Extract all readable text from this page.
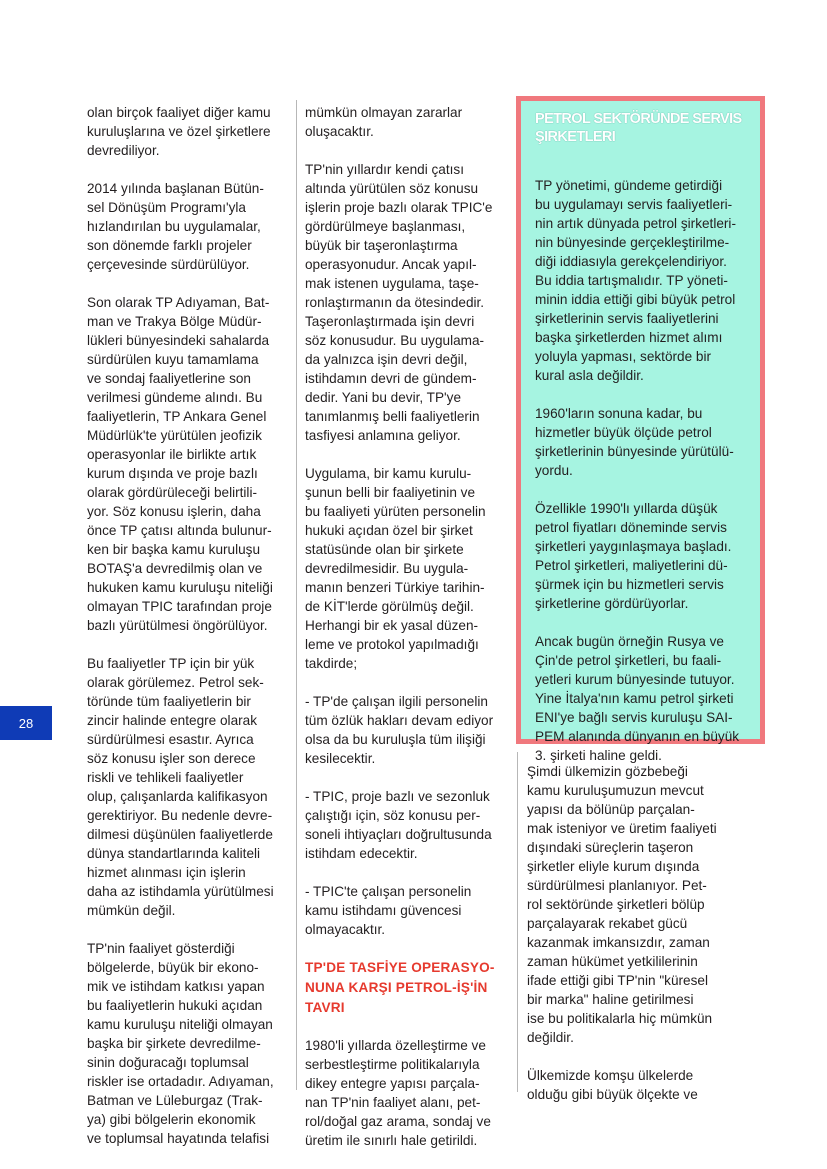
olan birçok faaliyet diğer kamu
kuruluşlarına ve özel şirketlere
devrediliyor.

2014 yılında başlanan Bütün-
sel Dönüşüm Programı'yla
hızlandırılan bu uygulamalar,
son dönemde farklı projeler
çerçevesinde sürdürülüyor.

Son olarak TP Adıyaman, Bat-
man ve Trakya Bölge Müdür-
lükleri bünyesindeki sahalarda
sürdürülen kuyu tamamlama
ve sondaj faaliyetlerine son
verilmesi gündeme alındı. Bu
faaliyetlerin, TP Ankara Genel
Müdürlük'te yürütülen jeofizik
operasyonlar ile birlikte artık
kurum dışında ve proje bazlı
olarak gördürüleceği belirtili-
yor. Söz konusu işlerin, daha
önce TP çatısı altında bulunur-
ken bir başka kamu kuruluşu
BOTAŞ'a devredilmiş olan ve
hukuken kamu kuruluşu niteliği
olmayan TPIC tarafından proje
bazlı yürütülmesi öngörülüyor.

Bu faaliyetler TP için bir yük
olarak görülemez. Petrol sek-
töründe tüm faaliyetlerin bir
zincir halinde entegre olarak
sürdürülmesi esastır. Ayrıca
söz konusu işler son derece
riskli ve tehlikeli faaliyetler
olup, çalışanlarda kalifikasyon
gerektiriyor. Bu nedenle devre-
dilmesi düşünülen faaliyetlerde
dünya standartlarında kaliteli
hizmet alınması için işlerin
daha az istihdamla yürütülmesi
mümkün değil.

TP'nin faaliyet gösterdiği
bölgelerde, büyük bir ekono-
mik ve istihdam katkısı yapan
bu faaliyetlerin hukuki açıdan
kamu kuruluşu niteliği olmayan
başka bir şirkete devredilme-
sinin doğuracağı toplumsal
riskler ise ortadadır. Adıyaman,
Batman ve Lüleburgaz (Trak-
ya) gibi bölgelerin ekonomik
ve toplumsal hayatında telafisi

mümkün olmayan zararlar
oluşacaktır.

TP'nin yıllardır kendi çatısı
altında yürütülen söz konusu
işlerin proje bazlı olarak TPIC'e
gördürülmeye başlanması,
büyük bir taşeronlaştırma
operasyonudur. Ancak yapıl-
mak istenen uygulama, taşe-
ronlaştırmanın da ötesindedir.
Taşeronlaştırmada işin devri
söz konusudur. Bu uygulama-
da yalnızca işin devri değil,
istihdamın devri de gündem-
dedir. Yani bu devir, TP'ye
tanımlanmış belli faaliyetlerin
tasfiyesi anlamına geliyor.

Uygulama, bir kamu kurulu-
şunun belli bir faaliyetinin ve
bu faaliyeti yürüten personelin
hukuki açıdan özel bir şirket
statüsünde olan bir şirkete
devredilmesidir. Bu uygula-
manın benzeri Türkiye tarihin-
de KİT'lerde görülmüş değil.
Herhangi bir ek yasal düzen-
leme ve protokol yapılmadığı
takdirde;

- TP'de çalışan ilgili personelin
tüm özlük hakları devam ediyor
olsa da bu kuruluşla tüm ilişiği
kesilecektir.

- TPIC, proje bazlı ve sezonluk
çalıştığı için, söz konusu per-
soneli ihtiyaçları doğrultusunda
istihdam edecektir.

- TPIC'te çalışan personelin
kamu istihdamı güvencesi
olmayacaktır.

TP'DE TASFİYE OPERASYO-
NUNA KARŞI PETROL-İŞ'İN
TAVRI

1980'li yıllarda özelleştirme ve
serbestleştirme politikalarıyla
dikey entegre yapısı parçala-
nan TP'nin faaliyet alanı, pet-
rol/doğal gaz arama, sondaj ve
üretim ile sınırlı hale getirildi.

PETROL SEKTÖRÜNDE SERVIS
ŞIRKETLERI

TP yönetimi, gündeme getirdiği
bu uygulamayı servis faaliyetleri-
nin artık dünyada petrol şirketleri-
nin bünyesinde gerçekleştirilme-
diği iddiasıyla gerekçelendiriyor.
Bu iddia tartışmalıdır. TP yöneti-
minin iddia ettiği gibi büyük petrol
şirketlerinin servis faaliyetlerini
başka şirketlerden hizmet alımı
yoluyla yapması, sektörde bir
kural asla değildir.

1960'ların sonuna kadar, bu
hizmetler büyük ölçüde petrol
şirketlerinin bünyesinde yürütülü-
yordu.

Özellikle 1990'lı yıllarda düşük
petrol fiyatları döneminde servis
şirketleri yaygınlaşmaya başladı.
Petrol şirketleri, maliyetlerini dü-
şürmek için bu hizmetleri servis
şirketlerine gördürüyorlar.

Ancak bugün örneğin Rusya ve
Çin'de petrol şirketleri, bu faali-
yetleri kurum bünyesinde tutuyor.
Yine İtalya'nın kamu petrol şirketi
ENI'ye bağlı servis kuruluşu SAI-
PEM alanında dünyanın en büyük
3. şirketi haline geldi.

Şimdi ülkemizin gözbebeği
kamu kuruluşumuzun mevcut
yapısı da bölünüp parçalan-
mak isteniyor ve üretim faaliyeti
dışındaki süreçlerin taşeron
şirketler eliyle kurum dışında
sürdürülmesi planlanıyor. Pet-
rol sektöründe şirketleri bölüp
parçalayarak rekabet gücü
kazanmak imkansızdır, zaman
zaman hükümet yetkililerinin
ifade ettiği gibi TP'nin "küresel
bir marka" haline getirilmesi
ise bu politikalarla hiç mümkün
değildir.

Ülkemizde komşu ülkelerde
olduğu gibi büyük ölçekte ve

28
